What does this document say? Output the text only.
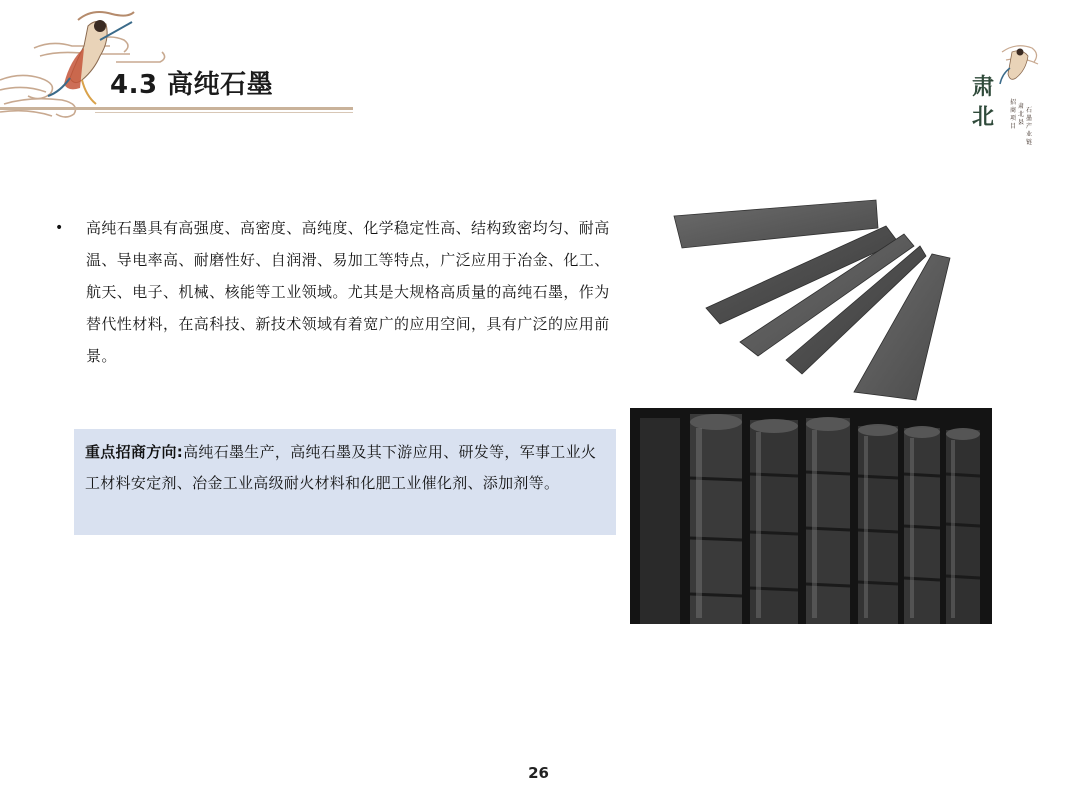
4.3 高纯石墨	肃
北
招
商
项
目
肃
北
县
石
墨
产
业
链
• 高纯石墨具有高强度、高密度、高纯度、化学稳定性高、结构致密均匀、耐高温、导电率高、耐磨性好、自润滑、易加工等特点，广泛应用于冶金、化工、航天、电子、机械、核能等工业领域。尤其是大规格高质量的高纯石墨，作为替代性材料，在高科技、新技术领域有着宽广的应用空间，具有广泛的应用前景。
重点招商方向:高纯石墨生产，高纯石墨及其下游应用、研发等，军事工业火工材料安定剂、冶金工业高级耐火材料和化肥工业催化剂、添加剂等。
26
